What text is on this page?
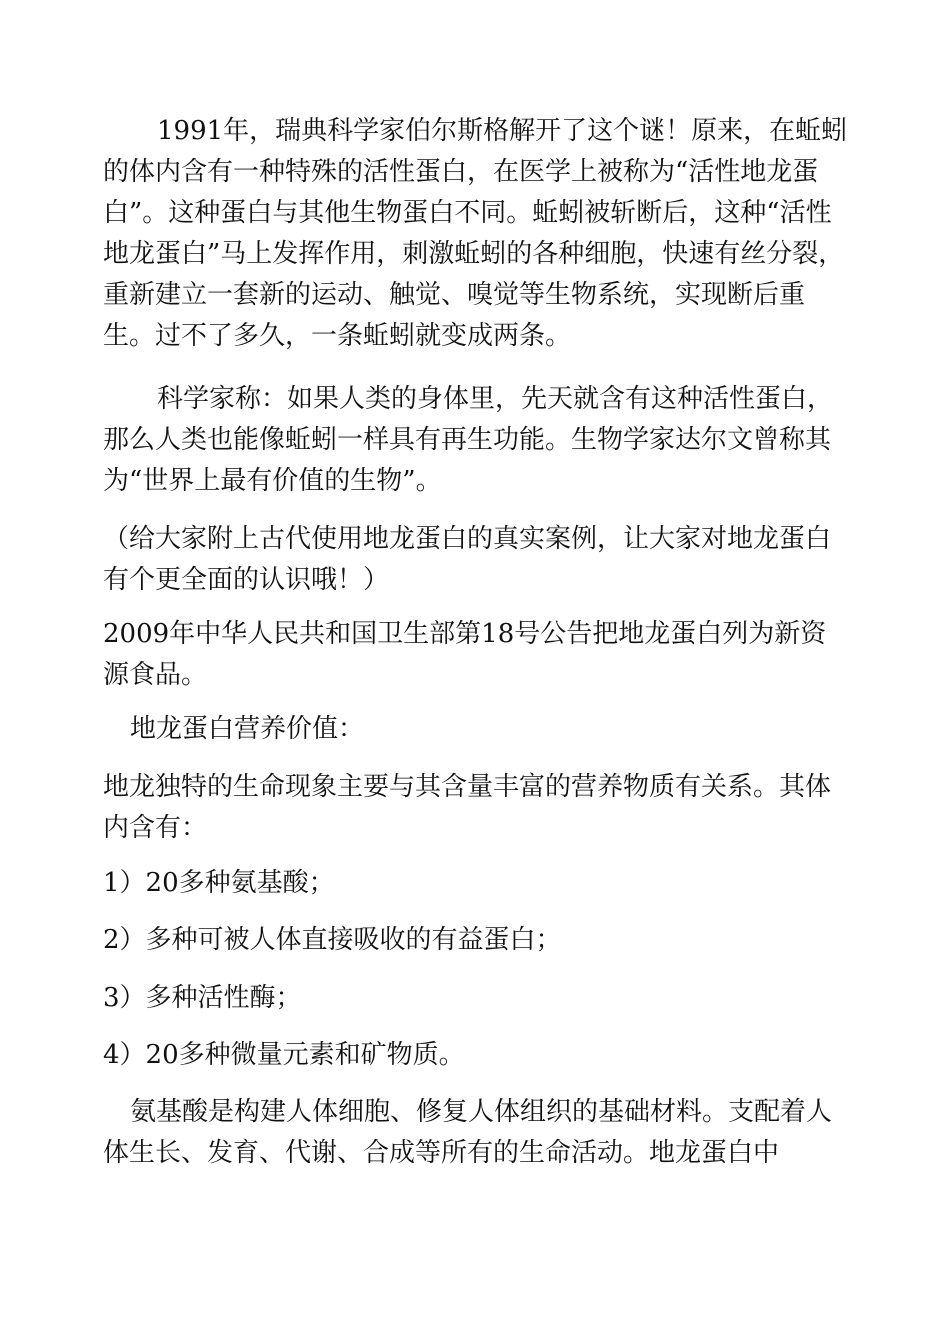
1991年，瑞典科学家伯尔斯格解开了这个谜！原来，在蚯蚓的体内含有一种特殊的活性蛋白，在医学上被称为“活性地龙蛋白”。这种蛋白与其他生物蛋白不同。蚯蚓被斩断后，这种“活性地龙蛋白”马上发挥作用，刺激蚯蚓的各种细胞，快速有丝分裂，重新建立一套新的运动、触觉、嗅觉等生物系统，实现断后重生。过不了多久，一条蚯蚓就变成两条。

科学家称：如果人类的身体里，先天就含有这种活性蛋白，那么人类也能像蚯蚓一样具有再生功能。生物学家达尔文曾称其为“世界上最有价值的生物”。

（给大家附上古代使用地龙蛋白的真实案例，让大家对地龙蛋白有个更全面的认识哦！）

2009年中华人民共和国卫生部第18号公告把地龙蛋白列为新资源食品。

地龙蛋白营养价值：

地龙独特的生命现象主要与其含量丰富的营养物质有关系。其体内含有：

1）20多种氨基酸；

2）多种可被人体直接吸收的有益蛋白；

3）多种活性酶；

4）20多种微量元素和矿物质。

氨基酸是构建人体细胞、修复人体组织的基础材料。支配着人体生长、发育、代谢、合成等所有的生命活动。地龙蛋白中
